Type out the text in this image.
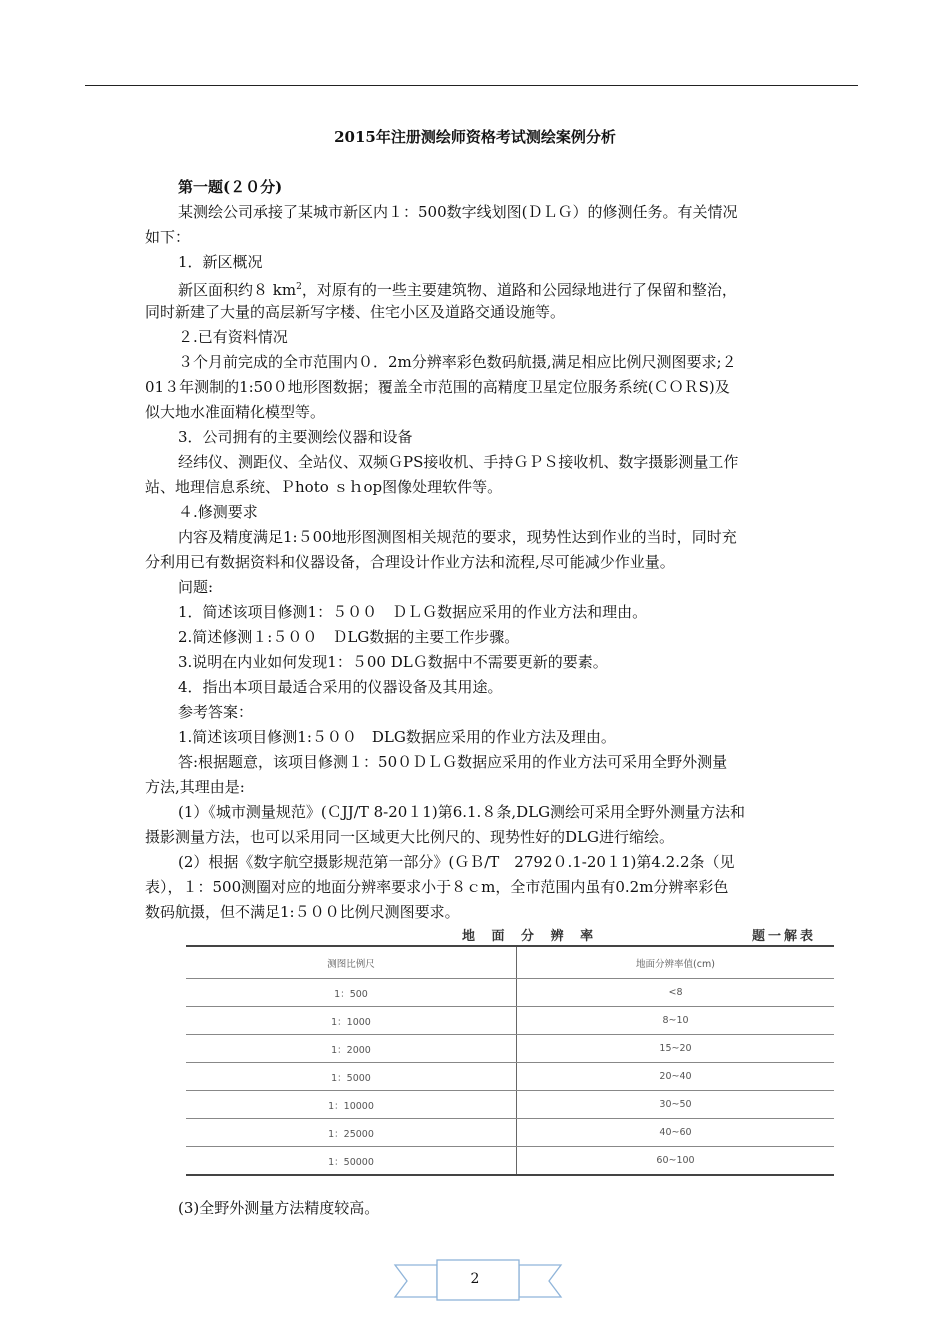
2015年注册测绘师资格考试测绘案例分析
第一题(２０分)
某测绘公司承接了某城市新区内１：500数字线划图(ＤＬＧ）的修测任务。有关情况
如下：
1．新区概况
新区面积约８ $km^2$，对原有的一些主要建筑物、道路和公园绿地进行了保留和整治，
同时新建了大量的高层新写字楼、住宅小区及道路交通设施等。
２.已有资料情况
３个月前完成的全市范围内０．2m分辨率彩色数码航摄,满足相应比例尺测图要求;２
01３年测制的1:50０地形图数据；覆盖全市范围的高精度卫星定位服务系统(ＣＯＲS)及
似大地水准面精化模型等。
3．公司拥有的主要测绘仪器和设备
经纬仪、测距仪、全站仪、双频ＧPS接收机、手持ＧＰＳ接收机、数字摄影测量工作
站、地理信息系统、Ｐhoto ｓｈop图像处理软件等。
４.修测要求
内容及精度满足1:５00地形图测图相关规范的要求，现势性达到作业的当时，同时充
分利用已有数据资料和仪器设备，合理设计作业方法和流程,尽可能减少作业量。
问题:
1．简述该项目修测1：５００　ＤＬＧ数据应采用的作业方法和理由。
2.简述修测１:５００　ＤLG数据的主要工作步骤。
3.说明在内业如何发现1：５00 DLＧ数据中不需要更新的要素。
4．指出本项目最适合采用的仪器设备及其用途。
参考答案：
1.简述该项目修测1:５００　DLG数据应采用的作业方法及理由。
答:根据题意，该项目修测１：50０ＤＬＧ数据应采用的作业方法可采用全野外测量
方法,其理由是:
(1）《城市测量规范》(ＣJJ/T 8-20１1)第6.1.８条,DLG测绘可采用全野外测量方法和
摄影测量方法，也可以采用同一区域更大比例尺的、现势性好的DLG进行缩绘。
(2）根据《数字航空摄影规范第一部分》(ＧＢ/T　2792０.1-20１1)第4.2.2条（见
表），１：500测圈对应的地面分辨率要求小于８ｃm，全市范围内虽有0.2m分辨率彩色
数码航摄，但不满足1:５００比例尺测图要求。
地 面 分 辨 率	题一解表
测图比例尺	地面分辨率值(cm)
1：500	<8
1：1000	8~10
1：2000	15~20
1：5000	20~40
1：10000	30~50
1：25000	40~60
1：50000	60~100
(3)全野外测量方法精度较高。
2
